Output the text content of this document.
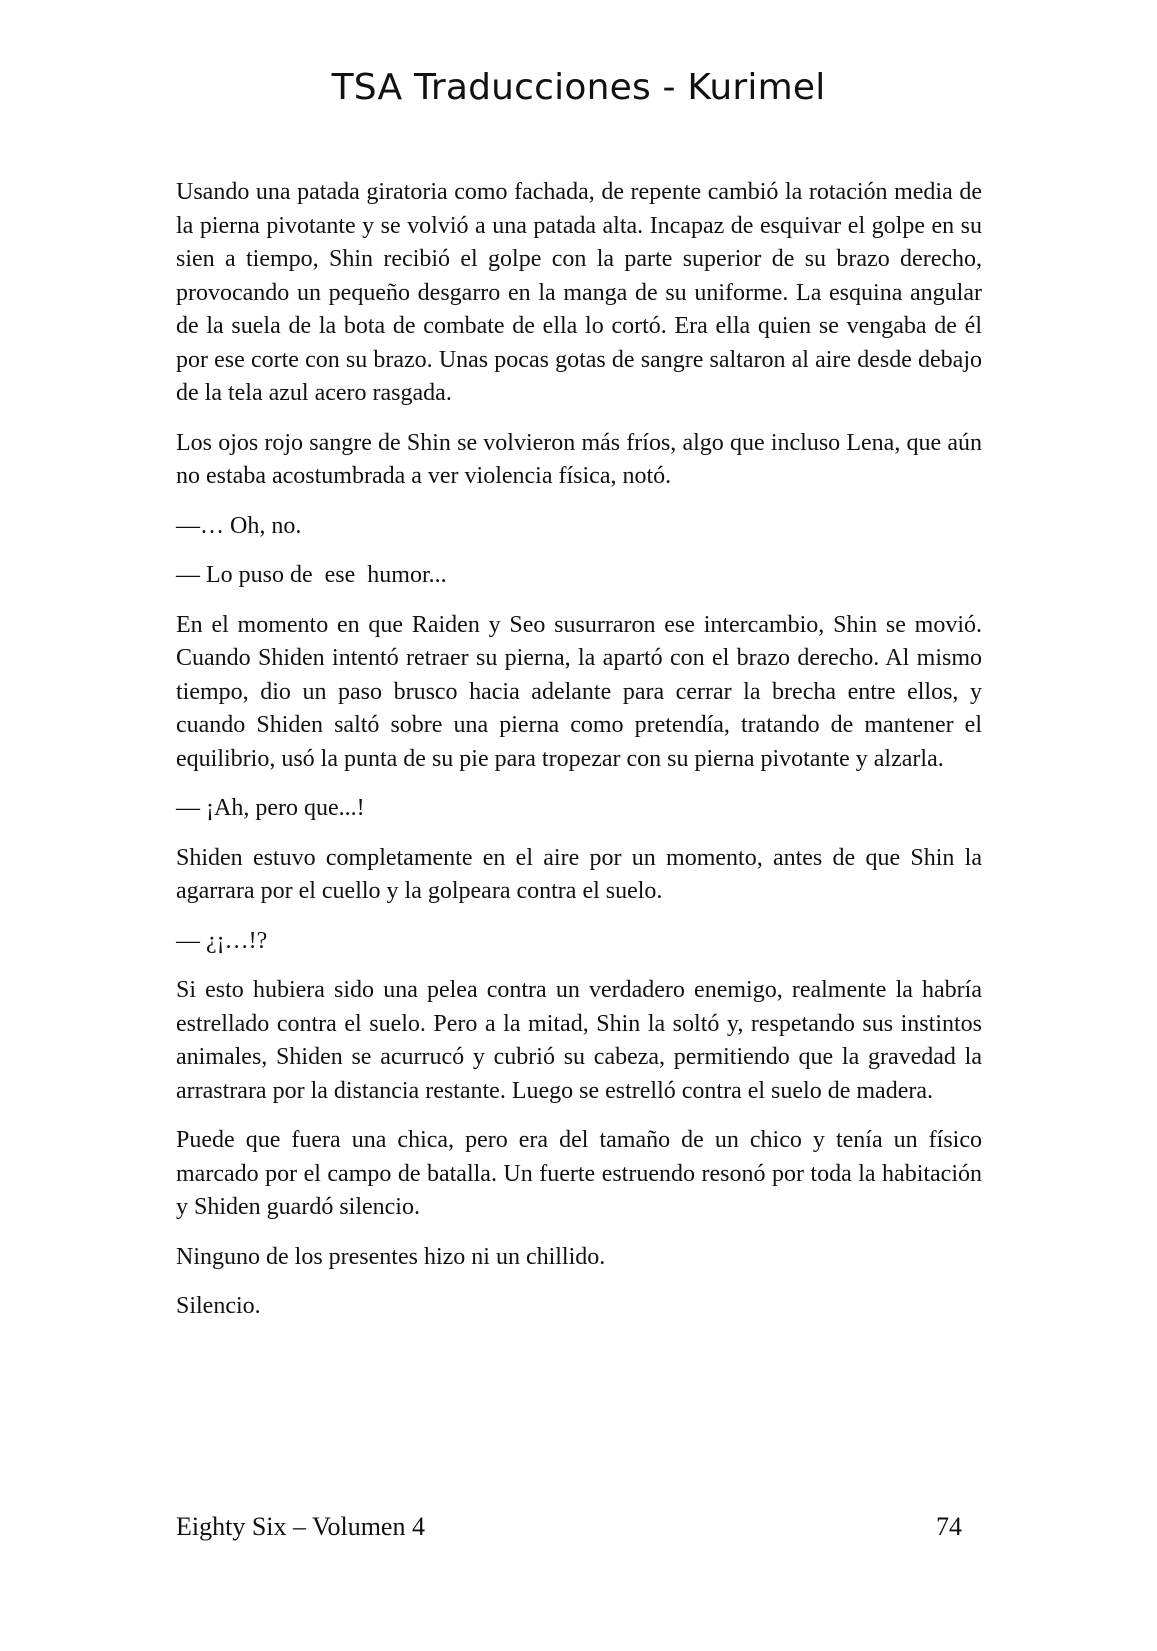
TSA Traducciones - Kurimel

Usando una patada giratoria como fachada, de repente cambió la rotación media de la pierna pivotante y se volvió a una patada alta. Incapaz de esquivar el golpe en su sien a tiempo, Shin recibió el golpe con la parte superior de su brazo derecho, provocando un pequeño desgarro en la manga de su uniforme. La esquina angular de la suela de la bota de combate de ella lo cortó. Era ella quien se vengaba de él por ese corte con su brazo. Unas pocas gotas de sangre saltaron al aire desde debajo de la tela azul acero rasgada.

Los ojos rojo sangre de Shin se volvieron más fríos, algo que incluso Lena, que aún no estaba acostumbrada a ver violencia física, notó.

—… Oh, no.

— Lo puso de  ese  humor...

En el momento en que Raiden y Seo susurraron ese intercambio, Shin se movió. Cuando Shiden intentó retraer su pierna, la apartó con el brazo derecho. Al mismo tiempo, dio un paso brusco hacia adelante para cerrar la brecha entre ellos, y cuando Shiden saltó sobre una pierna como pretendía, tratando de mantener el equilibrio, usó la punta de su pie para tropezar con su pierna pivotante y alzarla.

— ¡Ah, pero que...!

Shiden estuvo completamente en el aire por un momento, antes de que Shin la agarrara por el cuello y la golpeara contra el suelo.

— ¿¡…!?

Si esto hubiera sido una pelea contra un verdadero enemigo, realmente la habría estrellado contra el suelo. Pero a la mitad, Shin la soltó y, respetando sus instintos animales, Shiden se acurrucó y cubrió su cabeza, permitiendo que la gravedad la arrastrara por la distancia restante. Luego se estrelló contra el suelo de madera.

Puede que fuera una chica, pero era del tamaño de un chico y tenía un físico marcado por el campo de batalla. Un fuerte estruendo resonó por toda la habitación y Shiden guardó silencio.

Ninguno de los presentes hizo ni un chillido.

Silencio.

Eighty Six – Volumen 4	74
